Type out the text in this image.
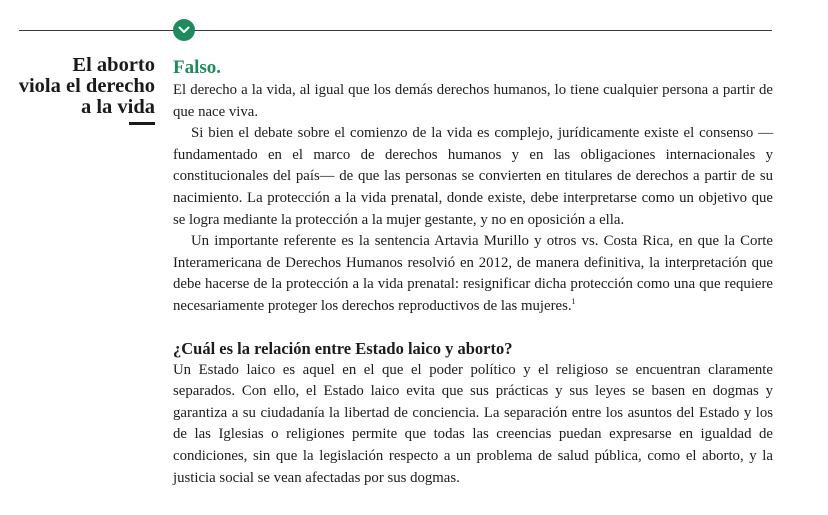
El aborto
viola el derecho
a la vida
Falso.

El derecho a la vida, al igual que los demás derechos humanos, lo tiene cualquier persona a partir de que nace viva.

Si bien el debate sobre el comienzo de la vida es complejo, jurídicamente existe el consenso —fundamentado en el marco de derechos humanos y en las obligaciones internacionales y constitucionales del país— de que las personas se convierten en titulares de derechos a partir de su nacimiento. La protección a la vida prenatal, donde existe, debe interpretarse como un objetivo que se logra mediante la protección a la mujer gestante, y no en oposición a ella.

Un importante referente es la sentencia Artavia Murillo y otros vs. Costa Rica, en que la Corte Interamericana de Derechos Humanos resolvió en 2012, de manera definitiva, la interpretación que debe hacerse de la protección a la vida prenatal: resignificar dicha protección como una que requiere necesariamente proteger los derechos reproductivos de las mujeres.$^1$

¿Cuál es la relación entre Estado laico y aborto?

Un Estado laico es aquel en el que el poder político y el religioso se encuentran claramente separados. Con ello, el Estado laico evita que sus prácticas y sus leyes se basen en dogmas y garantiza a su ciudadanía la libertad de conciencia. La separación entre los asuntos del Estado y los de las Iglesias o religiones permite que todas las creencias puedan expresarse en igualdad de condiciones, sin que la legislación respecto a un problema de salud pública, como el aborto, y la justicia social se vean afectadas por sus dogmas.
